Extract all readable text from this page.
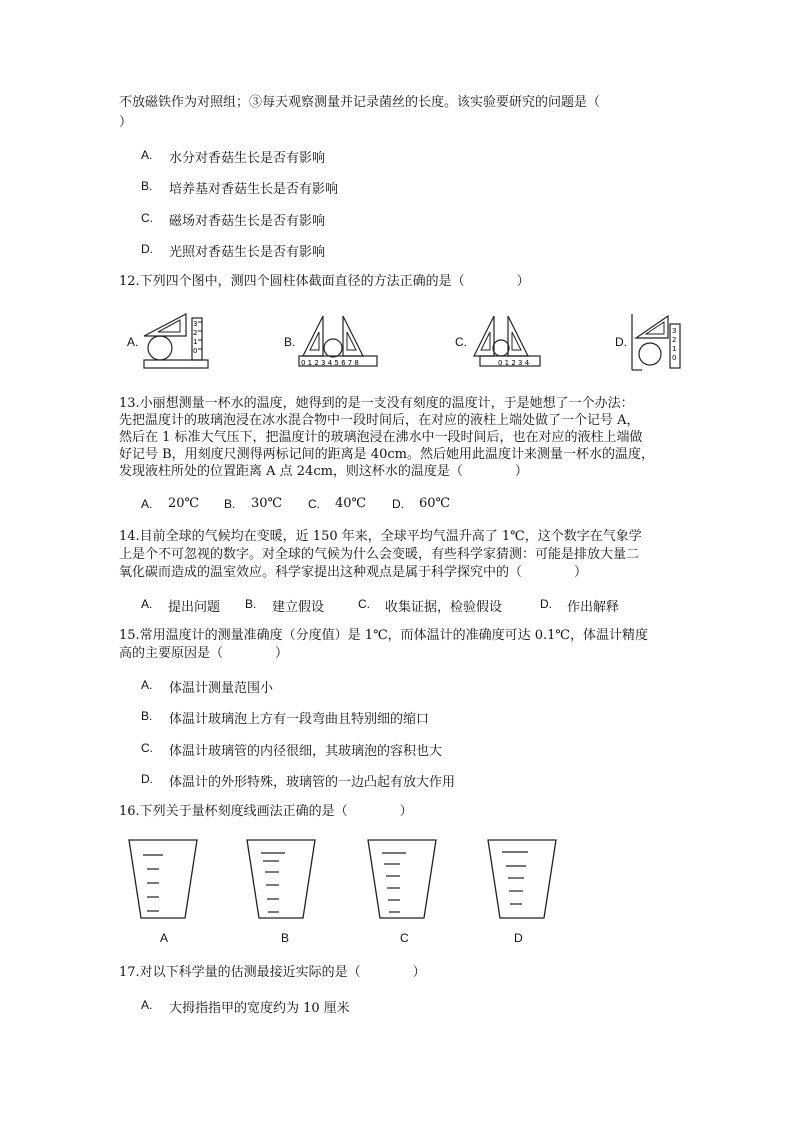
不放磁铁作为对照组；③每天观察测量并记录菌丝的长度。该实验要研究的问题是（
）
A. 水分对香菇生长是否有影响
B. 培养基对香菇生长是否有影响
C. 磁场对香菇生长是否有影响
D. 光照对香菇生长是否有影响
12.下列四个图中，测四个圆柱体截面直径的方法正确的是（　　　　）
A.
3
2
1
0
B.
0 1 2 3 4 5 6 7 8
C.
0 1 2 3 4
D.
3
2
1
0
13.小丽想测量一杯水的温度，她得到的是一支没有刻度的温度计，于是她想了一个办法：
先把温度计的玻璃泡浸在冰水混合物中一段时间后，在对应的液柱上端处做了一个记号 A，
然后在 1 标准大气压下，把温度计的玻璃泡浸在沸水中一段时间后，也在对应的液柱上端做
好记号 B，用刻度尺测得两标记间的距离是 40cm。然后她用此温度计来测量一杯水的温度，
发现液柱所处的位置距离 A 点 24cm，则这杯水的温度是（　　　　）
A. 20℃ B. 30℃ C. 40℃ D. 60℃
14.目前全球的气候均在变暖，近 150 年来，全球平均气温升高了 1℃，这个数字在气象学
上是个不可忽视的数字。对全球的气候为什么会变暖，有些科学家猜测：可能是排放大量二
氧化碳而造成的温室效应。科学家提出这种观点是属于科学探究中的（　　　　）
A. 提出问题 B. 建立假设	C. 收集证据，检验假设	D. 作出解释
15.常用温度计的测量准确度（分度值）是 1℃，而体温计的准确度可达 0.1℃，体温计精度
高的主要原因是（　　　　）
A. 体温计测量范围小
B. 体温计玻璃泡上方有一段弯曲且特别细的缩口
C. 体温计玻璃管的内径很细，其玻璃泡的容积也大
D. 体温计的外形特殊，玻璃管的一边凸起有放大作用
16.下列关于量杯刻度线画法正确的是（　　　　）
A	B	C	D
17.对以下科学量的估测最接近实际的是（　　　　）
A. 大拇指指甲的宽度约为 10 厘米
